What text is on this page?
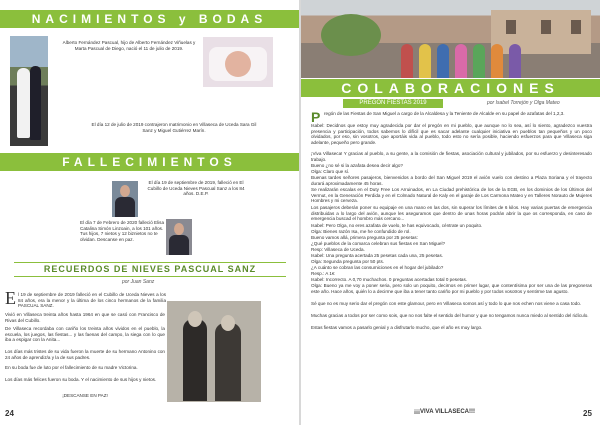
NACIMIENTOS y BODAS
Alberto Fernández Pascual, hijo de Alberto Fernández Viñuelas y Marta Pascual de Diego, nació el 11 de julio de 2019.
El día 12 de julio de 2019 contrajeron matrimonio en Villaseca de Uceda Sara Gil Sanz y Miguel Gutiérrez Marín.
FALLECIMIENTOS
El día 19 de septiembre de 2019, falleció en El Cubillo de Uceda Nieves Pascual Sanz a los 84 años. D.E.P.
El día 7 de Febrero de 2020 falleció Elisa Catalina Simón Linzoain, a los 101 años. Tus hijos, 7 nietos y 12 biznietos no te olvidan. Descanse en paz.
RECUERDOS DE NIEVES PASCUAL SANZ
por Juan Sanz
E l 19 de septiembre de 2019 falleció en el Cubillo de Uceda Nieves a los 84 años, era la menor y la última de los cinco hermanos de la familia PASCUAL SANZ.
Vivió en Villaseca treinta años hasta 1964 en que se casó con Francisco de Rivas del Cubillo.
De Villaseca recordaba con cariño los treinta años vividos en el pueblo, la escuela, los juegos, las fiestas... y las faenas del campo, la siega con lo que iba a espigar con la Anita...
Los días más tristes de su vida fueron la muerte de su hermano Antonino con 24 años de aprendiz/a y la de sus padres.
En su boda fue de luto por el fallecimiento de su madre Victorina.
Los días más felices fueron su boda. Y el nacimiento de sus hijos y nietos.
¡DESCANSE EN PAZ!
24
COLABORACIONES
PREGÓN FIESTAS 2019	por Isabel Torrejón y Olga Mateo
P regón de las Fiestas de San Miguel a cargo de la Alcaldesa y la Teniente de Alcalde en su papel de azafatas del 1,2,3.
Isabel: Decidnos que estoy muy agradecida por dar el pregón en mi pueblo, que aunque no lo sea, así lo siento, agradezco vuestra presencia y participación, todos sabemos lo difícil que es sacar adelante cualquier iniciativa en pueblos tan pequeños y un poco olvidados, por eso, sin vosotros, que aportáis vida al pueblo, todo esto no sería posible, haciendo esfuerzos para que Villaseca siga adelante, pequeño pero grande.
¡Viva Villaseca! Y gracias al pueblo, a su gente, a la comisión de fiestas, asociación cultural y jubilados, por su esfuerzo y desinteresado trabajo.
Bueno ¿no sé si la azafata desea decir algo?
Olga: Claro que sí.
Buenas tardes señores pasajeros, bienvenidos a bordo del San Miguel 2019 el avión vuelo con destino a Plaza Soriana y el trayecto durará aproximadamente 45 horas.
Se realizarán escalas en el Duty Free Los Arruinados, en La Ciudad prehistórica de los de la EGB, en los dominios de los Últimos del Vermut, en la Generación Perdida y en el Colmado Natural de Kaly en el garaje de Los Carmona Mateo y en Talleres Norauto de Mujeres Hombres y mi cerveza.
Los pasajeros deberán poner su equipaje en una mano en las dos, sin superar los límites de 6 kilos. Hay varias puertas de emergencia distribuidas a lo largo del avión, aunque les aseguramos que dentro de unas horas podrán abrir la que os corresponda, en caso de emergencia buscad el hombro más cercano...
Isabel: Pero Olga, no eres azafata de vuelo, te has equivocado, céntrate un poquito.
Olga: Bienes razón Isa, me he confundido de rol.
Bueno vamos allá, primera pregunta por 25 pesetas:
¿Qué pueblos de la comarca celebran sus fiestas en San Miguel?
Resp: Villaseca de Uceda.
Isabel: Una pregunta acertada 25 pesetas cada una, 25 pesetas.
Olga: Segunda pregunta por 50 pts.
¿A cuánto se cobran las consumiciones en el hogar del jubilado?
Resp.: A 1€
Isabel: Incorrecto. A 0,70 muchachos. 0 preguntas acertadas total 0 pesetas.
Olga: Bueno ya me voy a poner seria, pero solo un poquito, decirnos en primer lugar, que contentísima por ser una de las pregoneras este año. Hace años, quién lo a decirme que iba a tener tanto cariño por mi pueblo y por todos vosotros y sentirme tan agusto.
Sé que no es muy serio dar el pregón con este glamour, pero en Villaseca somos así y todo lo que nos echen nos viene a casa todo.
Muchas gracias a todos por ser como sois, que no nos falte el sentido del humor y que no tengamos nunca miedo al sentido del ridículo.
Estas fiestas vamos a pasarlo genial y a disfrutarlo mucho, que el año es muy largo.
¡¡¡VIVA VILLASECA!!!	25
